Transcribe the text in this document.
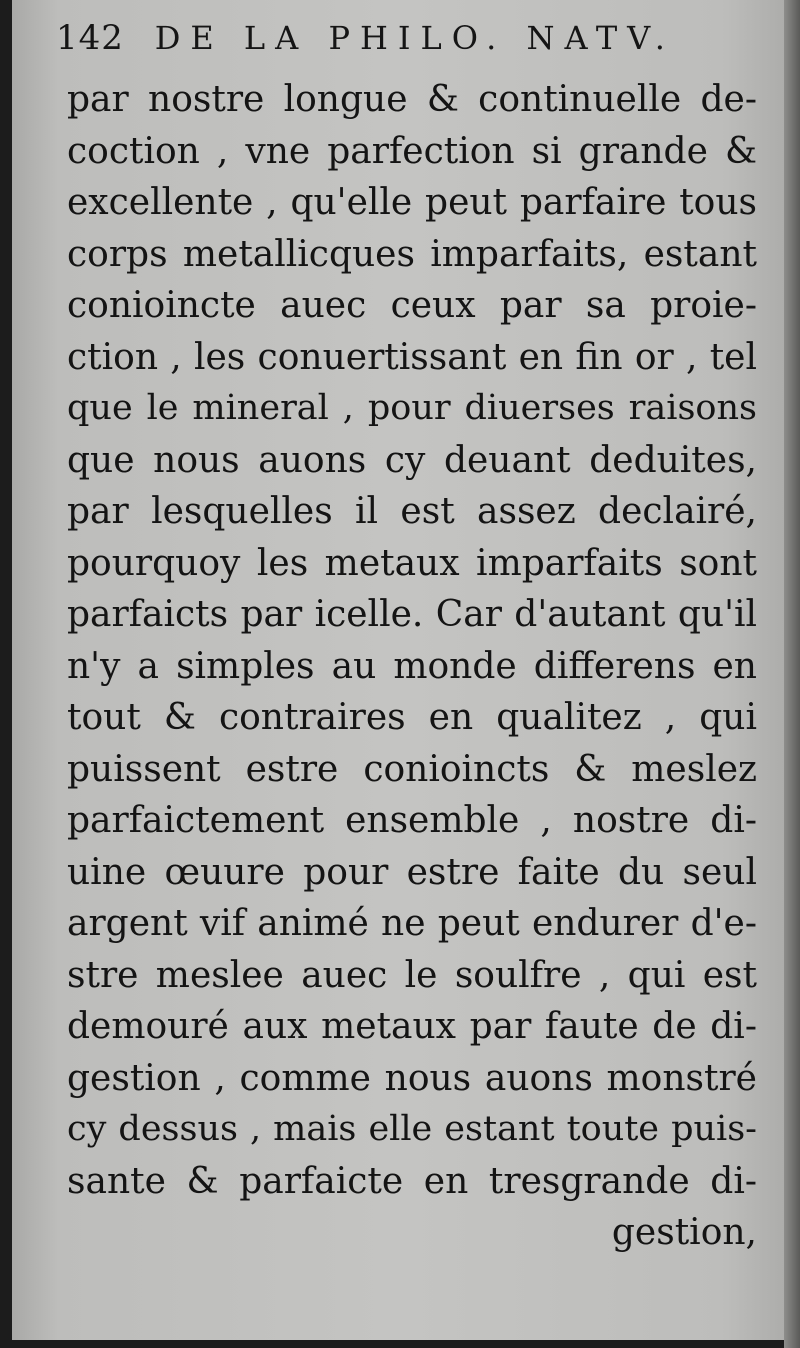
142 DE LA PHILO. NATV.
par nostre longue & continuelle de-
coction , vne parfection si grande &
excellente , qu'elle peut parfaire tous
corps metallicques imparfaits, estant
conioincte auec ceux par sa proie-
ction , les conuertissant en fin or , tel
que le mineral , pour diuerses raisons
que nous auons cy deuant deduites,
par lesquelles il est assez declairé,
pourquoy les metaux imparfaits sont
parfaicts par icelle. Car d'autant qu'il
n'y a simples au monde differens en
tout & contraires en qualitez , qui
puissent estre conioincts & meslez
parfaictement ensemble , nostre di-
uine œuure pour estre faite du seul
argent vif animé ne peut endurer d'e-
stre meslee auec le soulfre , qui est
demouré aux metaux par faute de di-
gestion , comme nous auons monstré
cy dessus , mais elle estant toute puis-
sante & parfaicte en tresgrande di-
gestion,
